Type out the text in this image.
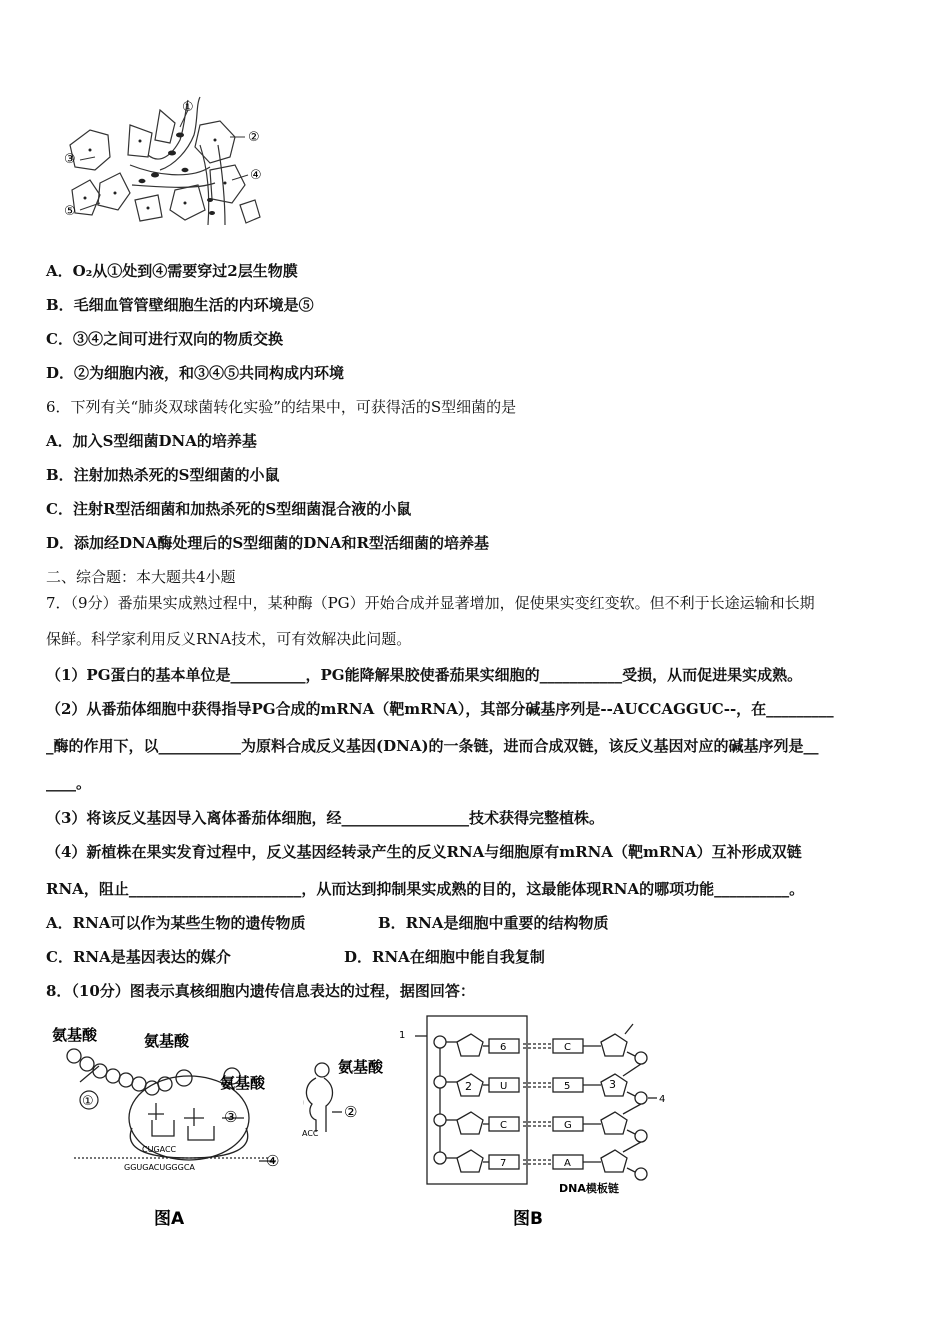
①
②
③
④
⑤
A．O₂从①处到④需要穿过2层生物膜
B．毛细血管管壁细胞生活的内环境是⑤
C．③④之间可进行双向的物质交换
D．②为细胞内液，和③④⑤共同构成内环境
6．下列有关“肺炎双球菌转化实验”的结果中，可获得活的S型细菌的是
A．加入S型细菌DNA的培养基
B．注射加热杀死的S型细菌的小鼠
C．注射R型活细菌和加热杀死的S型细菌混合液的小鼠
D．添加经DNA酶处理后的S型细菌的DNA和R型活细菌的培养基
二、综合题：本大题共4小题
7．（9分）番茄果实成熟过程中，某种酶（PG）开始合成并显著增加，促使果实变红变软。但不利于长途运输和长期
保鲜。科学家利用反义RNA技术，可有效解决此问题。
（1）PG蛋白的基本单位是__________，PG能降解果胶使番茄果实细胞的___________受损，从而促进果实成熟。
（2）从番茄体细胞中获得指导PG合成的mRNA（靶mRNA），其部分碱基序列是--AUCCAGGUC--，在_________
_酶的作用下，以___________为原料合成反义基因(DNA)的一条链，进而合成双链，该反义基因对应的碱基序列是__
____。
（3）将该反义基因导入离体番茄体细胞，经_________________技术获得完整植株。
（4）新植株在果实发育过程中，反义基因经转录产生的反义RNA与细胞原有mRNA（靶mRNA）互补形成双链
RNA，阻止_______________________，从而达到抑制果实成熟的目的，这最能体现RNA的哪项功能__________。
A．RNA可以作为某些生物的遗传物质	B．RNA是细胞中重要的结构物质
C．RNA是基因表达的媒介	D．RNA在细胞中能自我复制
8．（10分）图表示真核细胞内遗传信息表达的过程，据图回答：
①
氨基酸	氨基酸
氨基酸
③
CUGACC
GGUGACUGGGCA	④
图A
氨基酸
②
ACC
6
U
C
7
C
5
G
A
1
2	3
4
DNA模板链
图B
